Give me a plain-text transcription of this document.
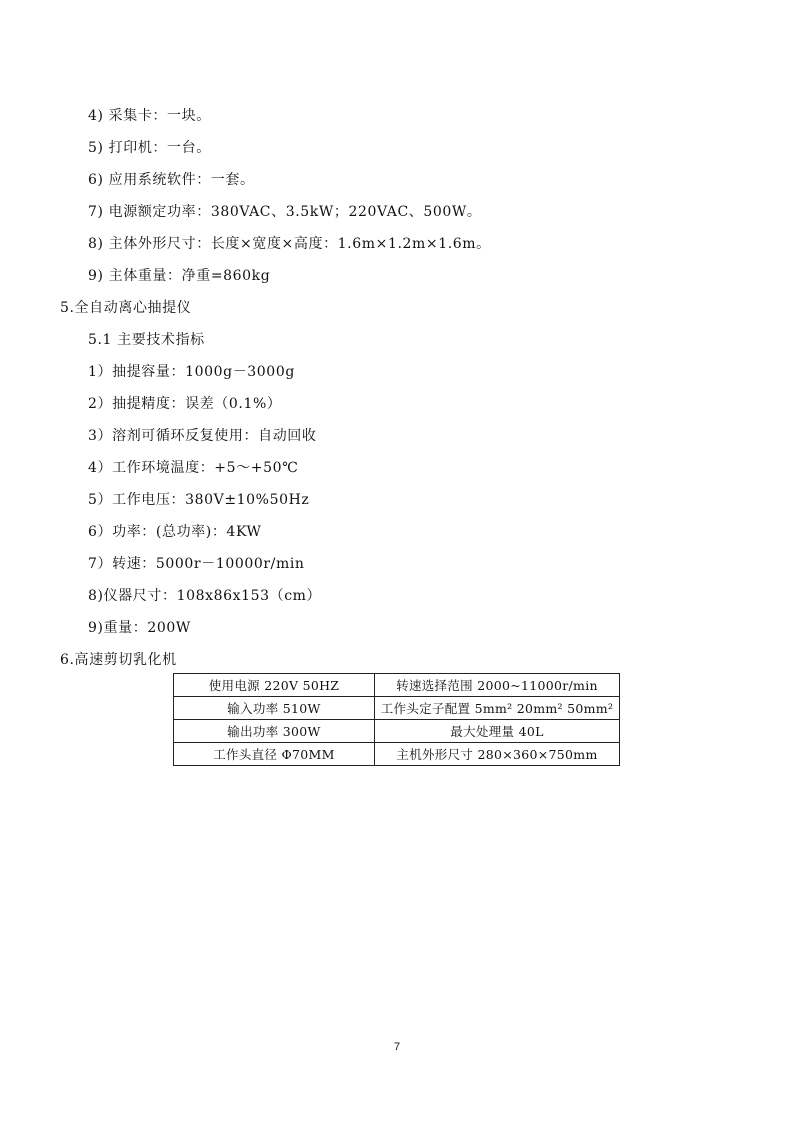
4) 采集卡：一块。
5) 打印机：一台。
6) 应用系统软件：一套。
7) 电源额定功率：380VAC、3.5kW；220VAC、500W。
8) 主体外形尺寸：长度×宽度×高度：1.6m×1.2m×1.6m。
9) 主体重量：净重=860kg
5.全自动离心抽提仪
5.1 主要技术指标
1）抽提容量：1000g－3000g
2）抽提精度：误差（0.1%）
3）溶剂可循环反复使用：自动回收
4）工作环境温度：+5～+50℃
5）工作电压：380V±10%50Hz
6）功率：(总功率)：4KW
7）转速：5000r－10000r/min
8)仪器尺寸：108x86x153（cm）
9)重量：200W
6.高速剪切乳化机
使用电源 220V 50HZ	转速选择范围 2000~11000r/min
输入功率 510W	工作头定子配置 5mm² 20mm² 50mm²
输出功率 300W	最大处理量 40L
工作头直径 Φ70MM	主机外形尺寸 280×360×750mm
7
